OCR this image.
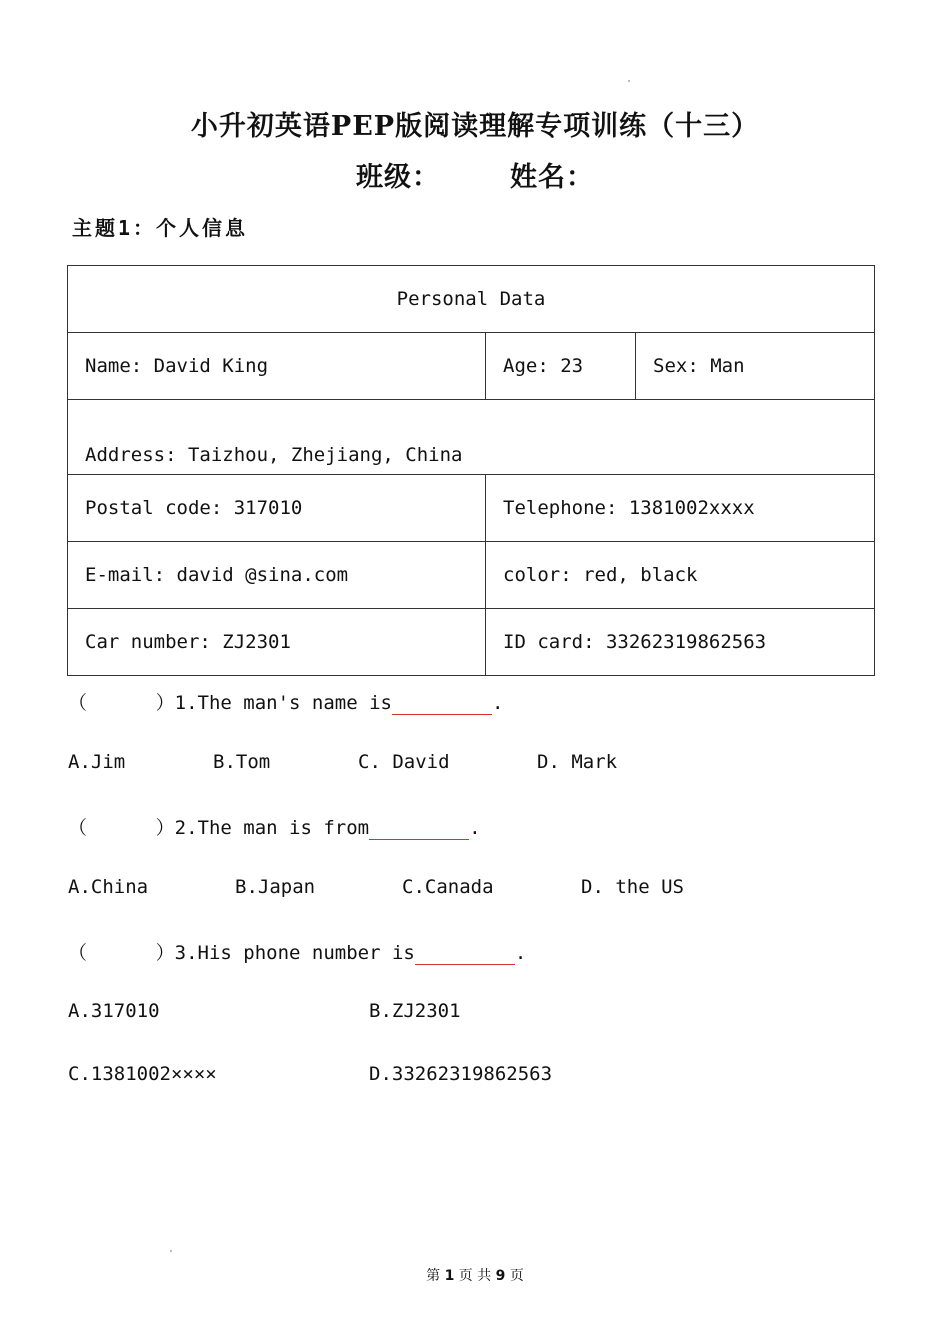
小升初英语PEP版阅读理解专项训练（十三）
班级：	姓名：
主题1：个人信息
Personal Data		
Name: David King	Age: 23	Sex: Man
Address: Taizhou, Zhejiang, China		
Postal code: 317010	Telephone: 1381002xxxx	
E-mail: david @sina.com	color: red, black	
Car number: ZJ2301	ID card: 33262319862563	
（      ）1.The man's name is	.
A.Jim	B.Tom	C. David	D. Mark
（      ）2.The man is from	.
A.China	B.Japan	C.Canada	D. the US
（      ）3.His phone number is	.
A.317010	B.ZJ2301
C.1381002××××	D.33262319862563
第 1 页 共 9 页
